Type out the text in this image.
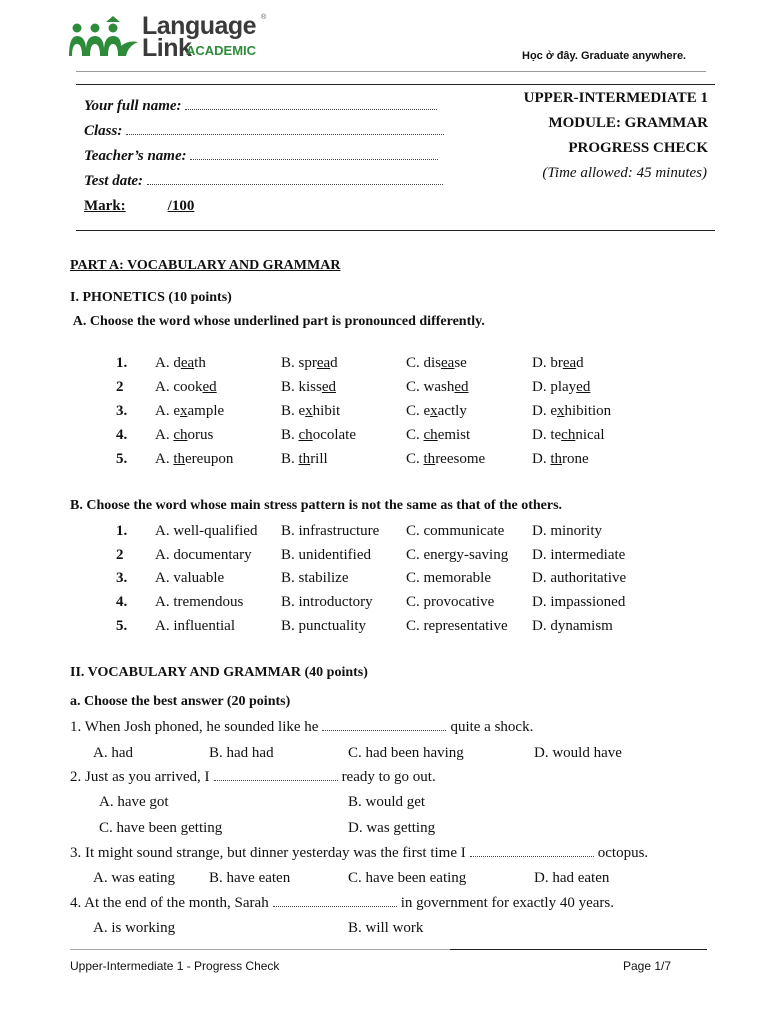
Language ®
Link
ACADEMIC	Học ở đây. Graduate anywhere.
Your full name:
Class:
Teacher’s name:
Test date:
Mark:	/100
UPPER-INTERMEDIATE 1
MODULE: GRAMMAR
PROGRESS CHECK
(Time allowed: 45 minutes)
PART A: VOCABULARY AND GRAMMAR
I. PHONETICS (10 points)
A. Choose the word whose underlined part is pronounced differently.
1. A. death	B. spread	C. disease	D. bread
2 A. cooked	B. kissed	C. washed	D. played
3. A. example	B. exhibit	C. exactly	D. exhibition
4. A. chorus	B. chocolate	C. chemist	D. technical
5. A. thereupon	B. thrill	C. threesome	D. throne
B. Choose the word whose main stress pattern is not the same as that of the others.
1. A. well-qualified B. infrastructure C. communicate D. minority
2 A. documentary B. unidentified C. energy-saving D. intermediate
3. A. valuable	B. stabilize	C. memorable	D. authoritative
4. A. tremendous	B. introductory C. provocative	D. impassioned
5. A. influential	B. punctuality	C. representative D. dynamism
II. VOCABULARY AND GRAMMAR (40 points)
a. Choose the best answer (20 points)
1. When Josh phoned, he sounded like he	quite a shock.
A. had	B. had had	C. had been having	D. would have
2. Just as you arrived, I	ready to go out.
A. have got	B. would get
C. have been getting	D. was getting
3. It might sound strange, but dinner yesterday was the first time I	octopus.
A. was eating B. have eaten	C. have been eating	D. had eaten
4. At the end of the month, Sarah	in government for exactly 40 years.
A. is working	B. will work
Upper-Intermediate 1 - Progress Check	Page 1/7
